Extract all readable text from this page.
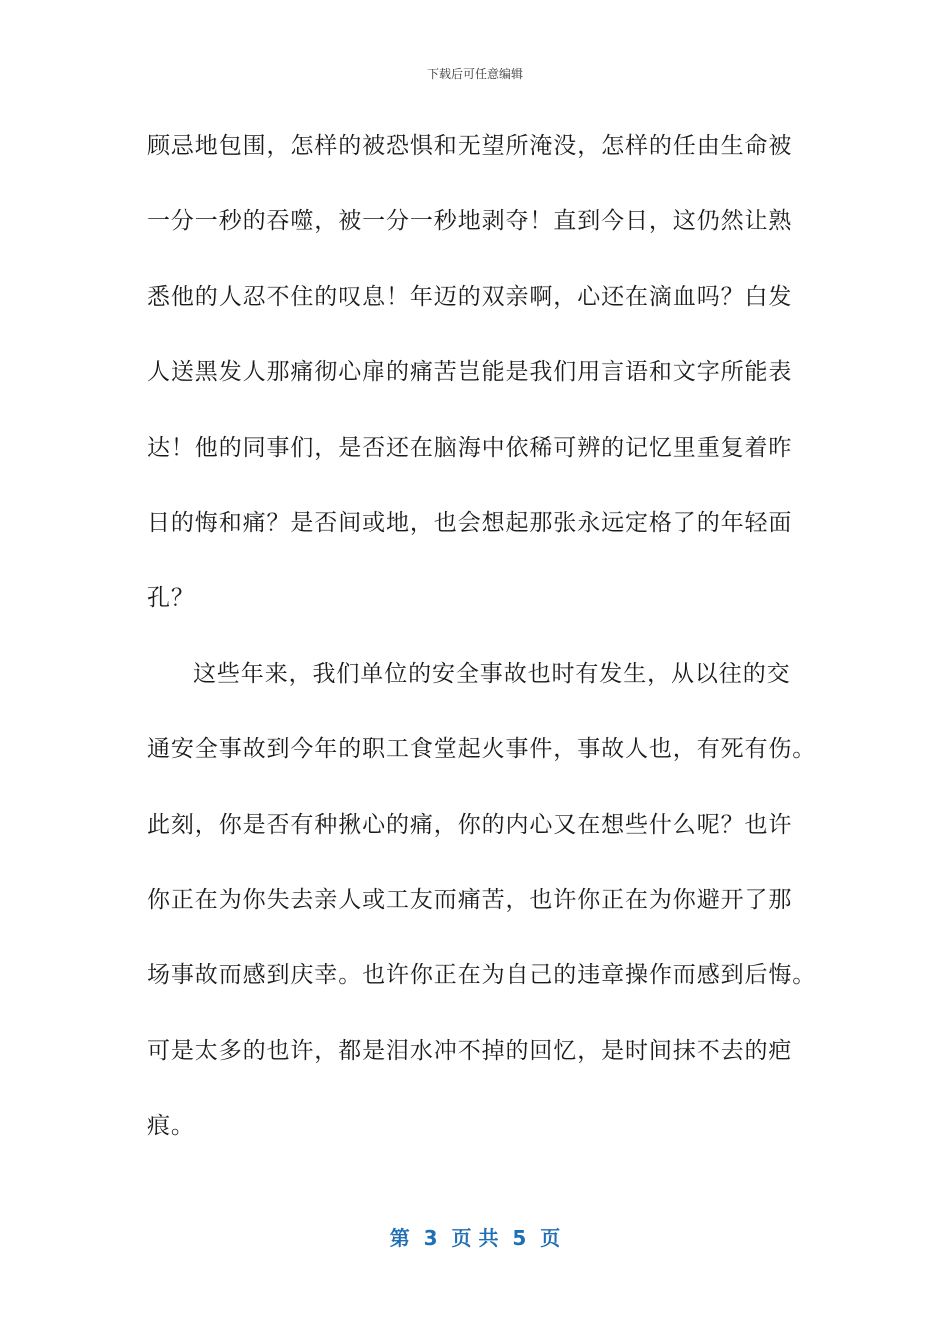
下载后可任意编辑
顾忌地包围，怎样的被恐惧和无望所淹没，怎样的任由生命被
一分一秒的吞噬，被一分一秒地剥夺！直到今日，这仍然让熟
悉他的人忍不住的叹息！年迈的双亲啊，心还在滴血吗？白发
人送黑发人那痛彻心扉的痛苦岂能是我们用言语和文字所能表
达！他的同事们，是否还在脑海中依稀可辨的记忆里重复着昨
日的悔和痛？是否间或地，也会想起那张永远定格了的年轻面
孔？
这些年来，我们单位的安全事故也时有发生，从以往的交
通安全事故到今年的职工食堂起火事件，事故人也，有死有伤。
此刻，你是否有种揪心的痛，你的内心又在想些什么呢？也许
你正在为你失去亲人或工友而痛苦，也许你正在为你避开了那
场事故而感到庆幸。也许你正在为自己的违章操作而感到后悔。
可是太多的也许，都是泪水冲不掉的回忆，是时间抹不去的疤
痕。
第  3  页 共  5  页
